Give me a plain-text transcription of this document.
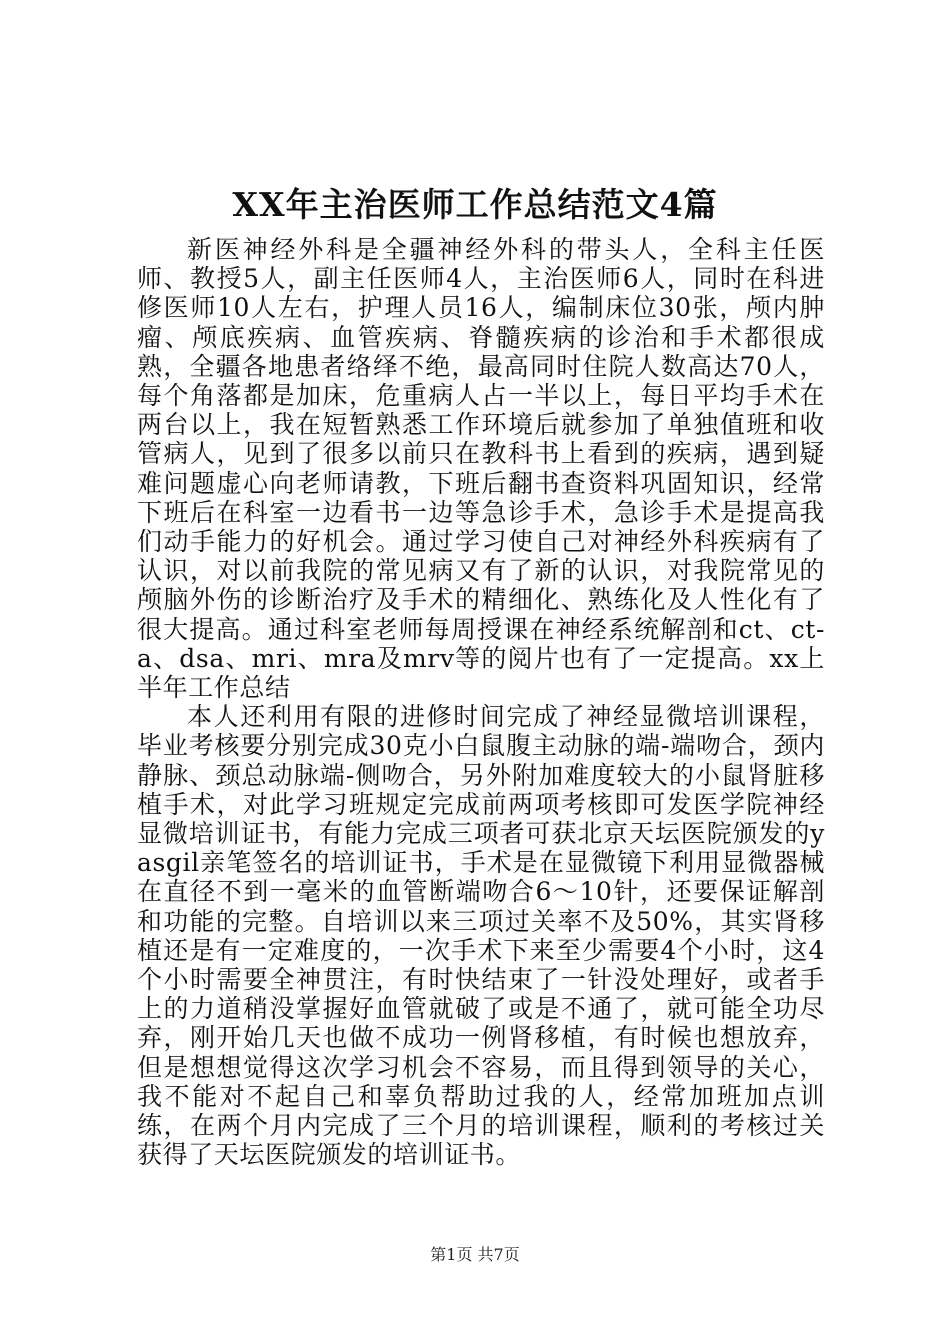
XX年主治医师工作总结范文4篇

新医神经外科是全疆神经外科的带头人，全科主任医师、教授5人，副主任医师4人，主治医师6人，同时在科进修医师10人左右，护理人员16人，编制床位30张，颅内肿瘤、颅底疾病、血管疾病、脊髓疾病的诊治和手术都很成熟，全疆各地患者络绎不绝，最高同时住院人数高达70人，每个角落都是加床，危重病人占一半以上，每日平均手术在两台以上，我在短暂熟悉工作环境后就参加了单独值班和收管病人，见到了很多以前只在教科书上看到的疾病，遇到疑难问题虚心向老师请教，下班后翻书查资料巩固知识，经常下班后在科室一边看书一边等急诊手术，急诊手术是提高我们动手能力的好机会。通过学习使自己对神经外科疾病有了认识，对以前我院的常见病又有了新的认识，对我院常见的颅脑外伤的诊断治疗及手术的精细化、熟练化及人性化有了很大提高。通过科室老师每周授课在神经系统解剖和ct、ct-a、dsa、mri、mra及mrv等的阅片也有了一定提高。xx上半年工作总结

本人还利用有限的进修时间完成了神经显微培训课程，毕业考核要分别完成30克小白鼠腹主动脉的端-端吻合，颈内静脉、颈总动脉端-侧吻合，另外附加难度较大的小鼠肾脏移植手术，对此学习班规定完成前两项考核即可发医学院神经显微培训证书，有能力完成三项者可获北京天坛医院颁发的yasgil亲笔签名的培训证书，手术是在显微镜下利用显微器械在直径不到一毫米的血管断端吻合6～10针，还要保证解剖和功能的完整。自培训以来三项过关率不及50%，其实肾移植还是有一定难度的，一次手术下来至少需要4个小时，这4个小时需要全神贯注，有时快结束了一针没处理好，或者手上的力道稍没掌握好血管就破了或是不通了，就可能全功尽弃，刚开始几天也做不成功一例肾移植，有时候也想放弃，但是想想觉得这次学习机会不容易，而且得到领导的关心，我不能对不起自己和辜负帮助过我的人，经常加班加点训练，在两个月内完成了三个月的培训课程，顺利的考核过关获得了天坛医院颁发的培训证书。

第1页 共7页
